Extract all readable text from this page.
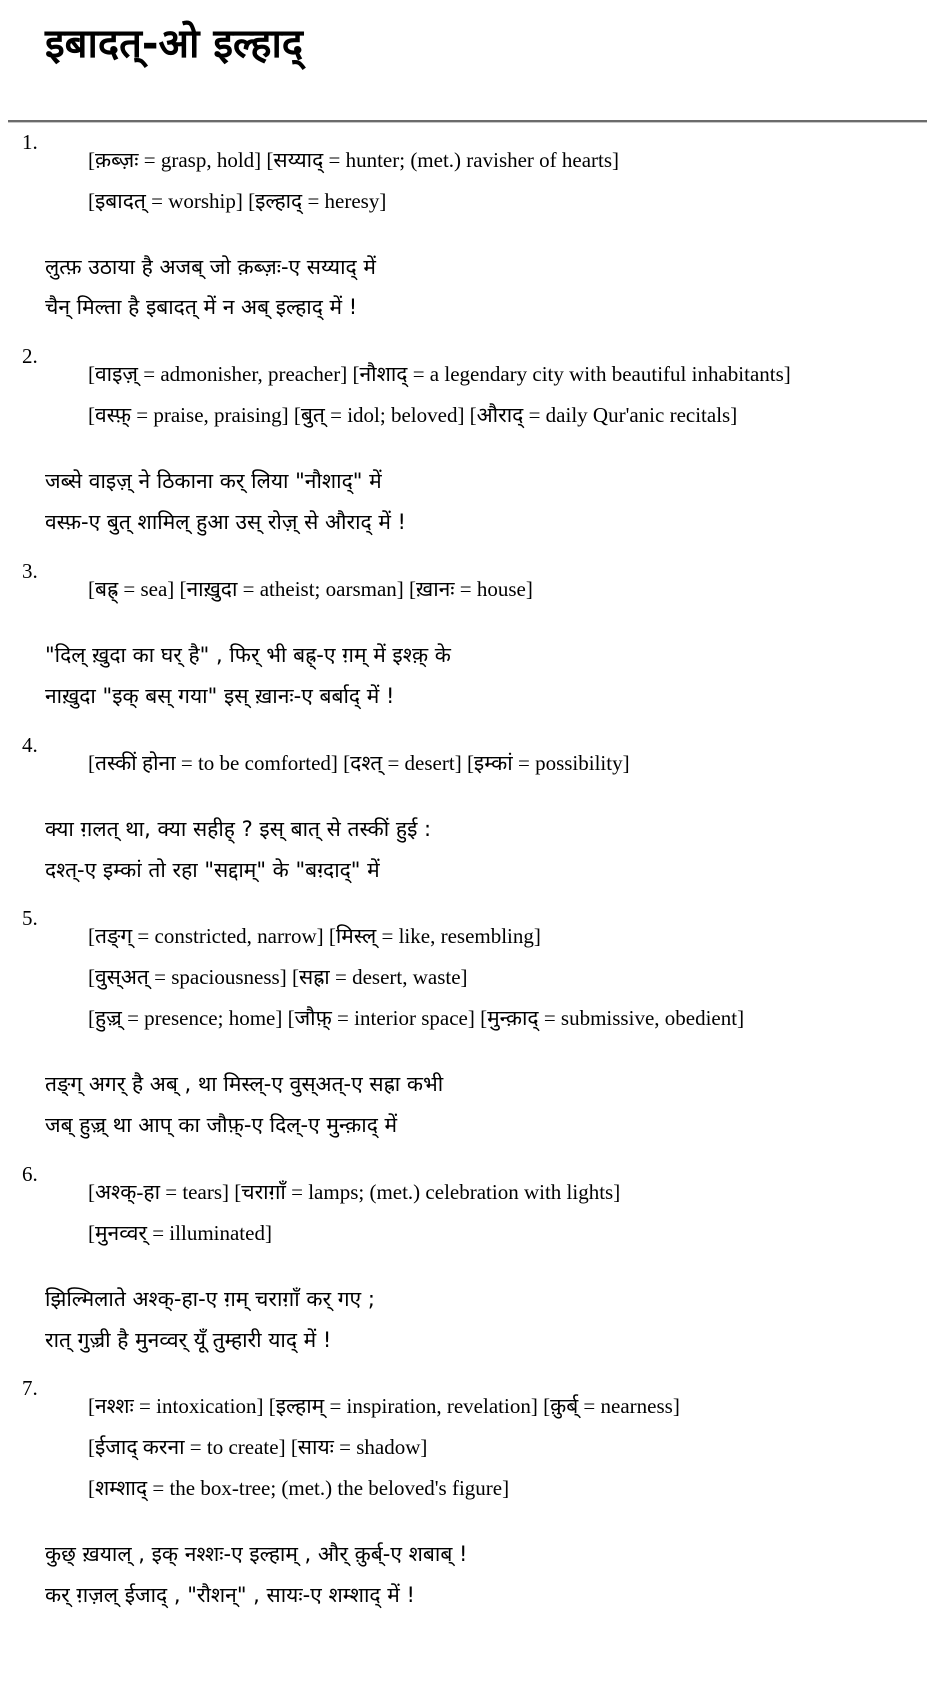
इबादत्-ओ इल्हाद्
1.
[क़ब्ज़ः = grasp, hold] [सय्याद् = hunter; (met.) ravisher of hearts]
[इबादत् = worship] [इल्हाद् = heresy]
लुत्फ़ उठाया है अजब् जो क़ब्ज़ः-ए सय्याद् में
चैन् मिल्ता है इबादत् में न अब् इल्हाद् में !
2.
[वाइज़् = admonisher, preacher] [नौशाद् = a legendary city with beautiful inhabitants]
[वस्फ़् = praise, praising] [बुत् = idol; beloved] [औराद् = daily Qur'anic recitals]
जब्से वाइज़् ने ठिकाना कर् लिया "नौशाद्" में
वस्फ़-ए बुत् शामिल् हुआ उस् रोज़् से औराद् में !
3.
[बह्र् = sea] [नाख़ुदा = atheist; oarsman] [ख़ानः = house]
"दिल् ख़ुदा का घर् है" , फिर् भी बह्र्-ए ग़म् में इश्क़् के
नाख़ुदा "इक् बस् गया" इस् ख़ानः-ए बर्बाद् में !
4.
[तस्कीं होना = to be comforted] [दश्त् = desert] [इम्कां = possibility]
क्या ग़लत् था, क्या सहीह् ? इस् बात् से तस्कीं हुई :
दश्त्-ए इम्कां तो रहा "सद्दाम्" के "बग़्दाद्" में
5.
[तङ्ग् = constricted, narrow] [मिस्ल् = like, resembling]
[वुस्अत् = spaciousness] [सह्रा = desert, waste]
[हुज़्र् = presence; home] [जौफ़् = interior space] [मुन्क़ाद् = submissive, obedient]
तङ्ग् अगर् है अब् , था मिस्ल्-ए वुस्अत्-ए सह्रा कभी
जब् हुज़्र् था आप् का जौफ़्-ए दिल्-ए मुन्क़ाद् में
6.
[अश्क्-हा = tears] [चराग़ाँ = lamps; (met.) celebration with lights]
[मुनव्वर् = illuminated]
झिल्मिलाते अश्क्-हा-ए ग़म् चराग़ाँ कर् गए ;
रात् गुज़्री है मुनव्वर् यूँ तुम्हारी याद् में !
7.
[नश्शः = intoxication] [इल्हाम् = inspiration, revelation] [क़ुर्ब् = nearness]
[ईजाद् करना = to create] [सायः = shadow]
[शम्शाद् = the box-tree; (met.) the beloved's figure]
कुछ् ख़याल् , इक् नश्शः-ए इल्हाम् , और् क़ुर्ब्-ए शबाब् !
कर् ग़ज़ल् ईजाद् , "रौशन्" , सायः-ए शम्शाद् में !
